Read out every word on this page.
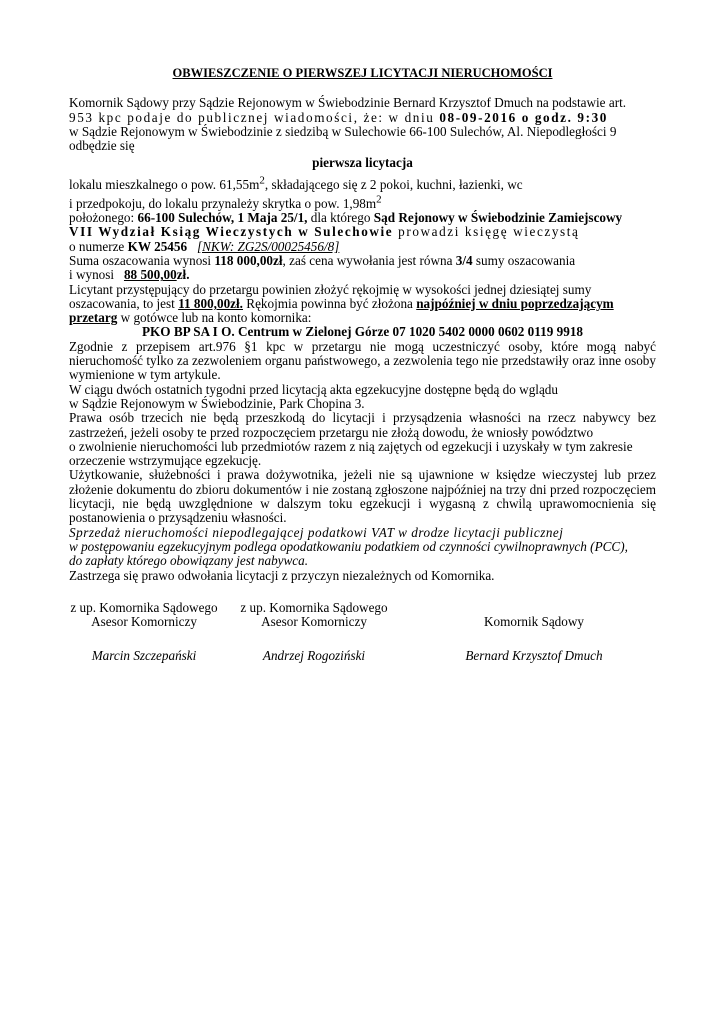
OBWIESZCZENIE O PIERWSZEJ LICYTACJI NIERUCHOMOŚCI

Komornik Sądowy przy Sądzie Rejonowym w Świebodzinie Bernard Krzysztof Dmuch na podstawie art.

953 kpc podaje do publicznej wiadomości, że: w dniu 08-09-2016 o godz. 9:30

w Sądzie Rejonowym w Świebodzinie z siedzibą w Sulechowie 66-100 Sulechów, Al. Niepodległości 9

odbędzie się

pierwsza licytacja

lokalu mieszkalnego o pow. $61,55m^2$, składającego się z 2 pokoi, kuchni, łazienki, wc

i przedpokoju, do lokalu przynależy skrytka o pow. $1,98m^2$

położonego: 66-100 Sulechów, 1 Maja 25/1, dla którego Sąd Rejonowy w Świebodzinie Zamiejscowy

VII Wydział Ksiąg Wieczystych w Sulechowie prowadzi księgę wieczystą

o numerze KW 25456 [NKW: ZG2S/00025456/8]

Suma oszacowania wynosi 118 000,00zł, zaś cena wywołania jest równa 3/4 sumy oszacowania

i wynosi   88 500,00zł.

Licytant przystępujący do przetargu powinien złożyć rękojmię w wysokości jednej dziesiątej sumy

oszacowania, to jest 11 800,00zł. Rękojmia powinna być złożona najpóźniej w dniu poprzedzającym

przetarg w gotówce lub na konto komornika:

PKO BP SA I O. Centrum w Zielonej Górze 07 1020 5402 0000 0602 0119 9918

Zgodnie z przepisem art.976 §1 kpc w przetargu nie mogą uczestniczyć osoby, które mogą nabyć nieruchomość tylko za zezwoleniem organu państwowego, a zezwolenia tego nie przedstawiły oraz inne osoby wymienione w tym artykule.

W ciągu dwóch ostatnich tygodni przed licytacją akta egzekucyjne dostępne będą do wglądu

w Sądzie Rejonowym w Świebodzinie, Park Chopina 3.

Prawa osób trzecich nie będą przeszkodą do licytacji i przysądzenia własności na rzecz nabywcy bez zastrzeżeń, jeżeli osoby te przed rozpoczęciem przetargu nie złożą dowodu, że wniosły powództwo

o zwolnienie nieruchomości lub przedmiotów razem z nią zajętych od egzekucji i uzyskały w tym zakresie orzeczenie wstrzymujące egzekucję.

Użytkowanie, służebności i prawa dożywotnika, jeżeli nie są ujawnione w księdze wieczystej lub przez złożenie dokumentu do zbioru dokumentów i nie zostaną zgłoszone najpóźniej na trzy dni przed rozpoczęciem licytacji, nie będą uwzględnione w dalszym toku egzekucji i wygasną z chwilą uprawomocnienia się postanowienia o przysądzeniu własności.

Sprzedaż nieruchomości niepodlegającej podatkowi VAT w drodze licytacji publicznej

w postępowaniu egzekucyjnym podlega opodatkowaniu podatkiem od czynności cywilnoprawnych (PCC),

do zapłaty którego obowiązany jest nabywca.

Zastrzega się prawo odwołania licytacji z przyczyn niezależnych od Komornika.

z up. Komornika Sądowego
Asesor Komorniczy
Marcin Szczepański
z up. Komornika Sądowego
Asesor Komorniczy
Andrzej Rogoziński
Komornik Sądowy
Bernard Krzysztof Dmuch
